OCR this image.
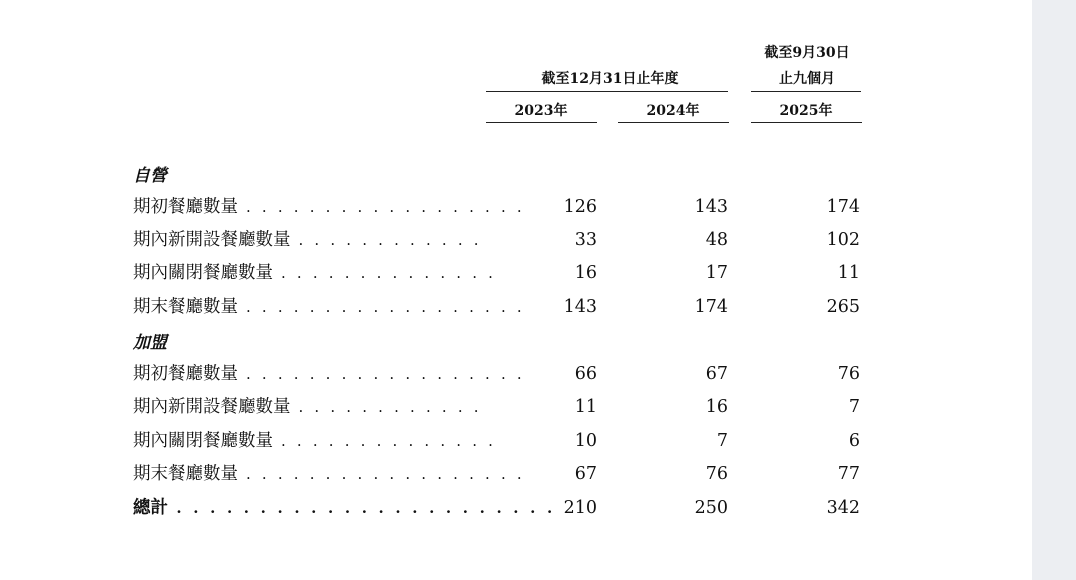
截至12月31日止年度
截至9月30日
止九個月
2023年	2024年	2025年
自營
期初餐廳數量 . . . . . . . . . . . . . . . . . .	126	143	174
期內新開設餐廳數量 . . . . . . . . . . . .	33	48	102
期內關閉餐廳數量 . . . . . . . . . . . . . .	16	17	11
期末餐廳數量 . . . . . . . . . . . . . . . . . .	143	174	265
加盟
期初餐廳數量 . . . . . . . . . . . . . . . . . .	66	67	76
期內新開設餐廳數量 . . . . . . . . . . . .	11	16	7
期內關閉餐廳數量 . . . . . . . . . . . . . .	10	7	6
期末餐廳數量 . . . . . . . . . . . . . . . . . .	67	76	77
總計 . . . . . . . . . . . . . . . . . . . . . . . 210	250	342
